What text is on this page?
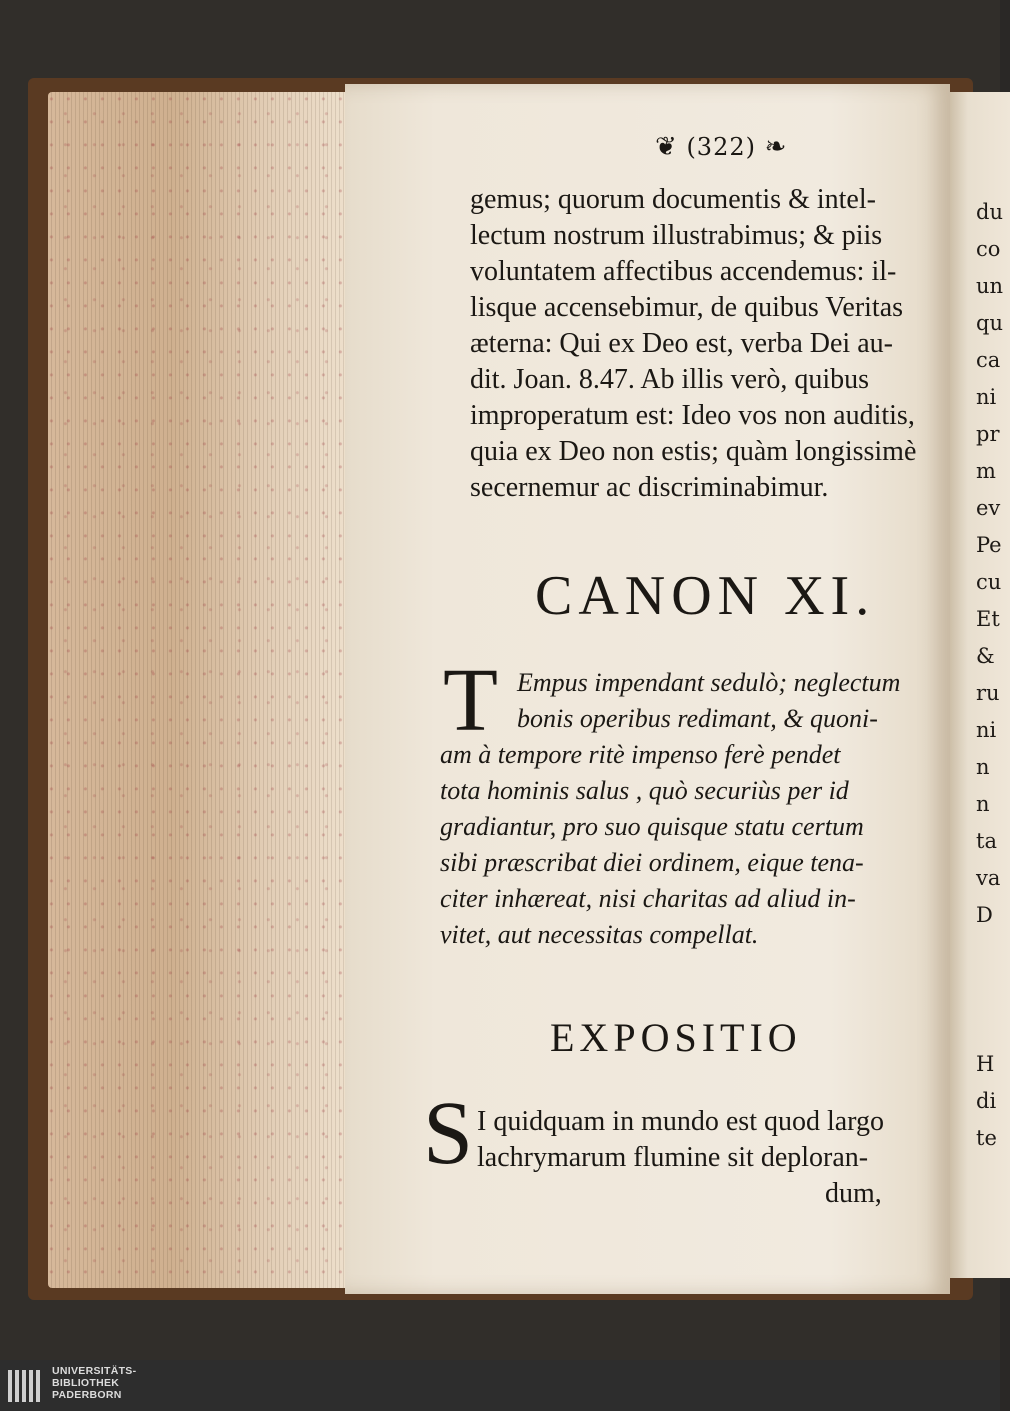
❦ (322) ❧
gemus; quorum documentis & intel-
lectum nostrum illustrabimus; & piis
voluntatem affectibus accendemus: il-
lisque accensebimur, de quibus Veritas
æterna: Qui ex Deo est, verba Dei au-
dit. Joan. 8.47. Ab illis verò, quibus
improperatum est: Ideo vos non auditis,
quia ex Deo non estis; quàm longissimè
secernemur ac discriminabimur.
CANON XI.
T Empus impendant sedulò; neglectum
bonis operibus redimant, & quoni-
am à tempore ritè impenso ferè pendet
tota hominis salus , quò securiùs per id
gradiantur, pro suo quisque statu certum
sibi præscribat diei ordinem, eique tena-
citer inhæreat, nisi charitas ad aliud in-
vitet, aut necessitas compellat.
EXPOSITIO
S I quidquam in mundo est quod largo
lachrymarum flumine sit deploran-
dum,
du
co
un
qu
ca
ni
pr
m
ev
Pe
cu
Et
&
ru
ni
n
n
ta
va
D
H
di
te
UNIVERSITÄTS-
BIBLIOTHEK
PADERBORN
